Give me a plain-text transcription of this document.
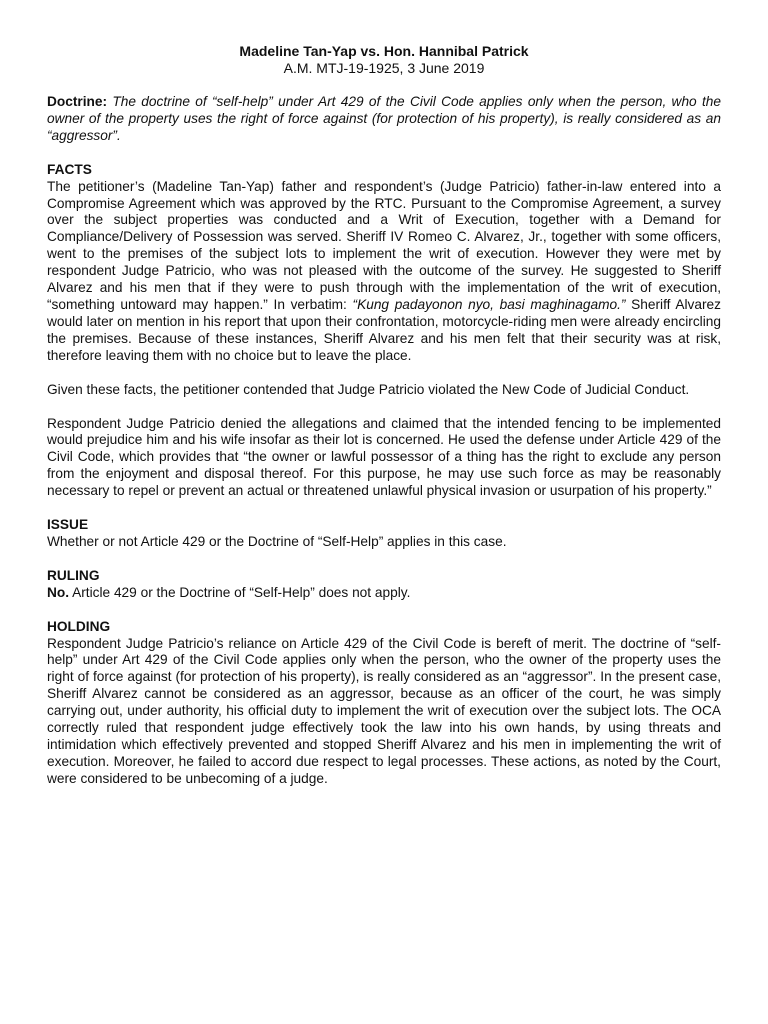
Madeline Tan-Yap vs. Hon. Hannibal Patrick

A.M. MTJ-19-1925, 3 June 2019

Doctrine: The doctrine of “self-help” under Art 429 of the Civil Code applies only when the person, who the owner of the property uses the right of force against (for protection of his property), is really considered as an “aggressor”.

FACTS

The petitioner’s (Madeline Tan-Yap) father and respondent’s (Judge Patricio) father-in-law entered into a Compromise Agreement which was approved by the RTC. Pursuant to the Compromise Agreement, a survey over the subject properties was conducted and a Writ of Execution, together with a Demand for Compliance/Delivery of Possession was served. Sheriff IV Romeo C. Alvarez, Jr., together with some officers, went to the premises of the subject lots to implement the writ of execution. However they were met by respondent Judge Patricio, who was not pleased with the outcome of the survey. He suggested to Sheriff Alvarez and his men that if they were to push through with the implementation of the writ of execution, “something untoward may happen.” In verbatim: “Kung padayonon nyo, basi maghinagamo.” Sheriff Alvarez would later on mention in his report that upon their confrontation, motorcycle-riding men were already encircling the premises. Because of these instances, Sheriff Alvarez and his men felt that their security was at risk, therefore leaving them with no choice but to leave the place.

Given these facts, the petitioner contended that Judge Patricio violated the New Code of Judicial Conduct.

Respondent Judge Patricio denied the allegations and claimed that the intended fencing to be implemented would prejudice him and his wife insofar as their lot is concerned. He used the defense under Article 429 of the Civil Code, which provides that “the owner or lawful possessor of a thing has the right to exclude any person from the enjoyment and disposal thereof. For this purpose, he may use such force as may be reasonably necessary to repel or prevent an actual or threatened unlawful physical invasion or usurpation of his property.”

ISSUE

Whether or not Article 429 or the Doctrine of “Self-Help” applies in this case.

RULING

No. Article 429 or the Doctrine of “Self-Help” does not apply.

HOLDING

Respondent Judge Patricio’s reliance on Article 429 of the Civil Code is bereft of merit. The doctrine of “self-help” under Art 429 of the Civil Code applies only when the person, who the owner of the property uses the right of force against (for protection of his property), is really considered as an “aggressor”. In the present case, Sheriff Alvarez cannot be considered as an aggressor, because as an officer of the court, he was simply carrying out, under authority, his official duty to implement the writ of execution over the subject lots. The OCA correctly ruled that respondent judge effectively took the law into his own hands, by using threats and intimidation which effectively prevented and stopped Sheriff Alvarez and his men in implementing the writ of execution. Moreover, he failed to accord due respect to legal processes. These actions, as noted by the Court, were considered to be unbecoming of a judge.
